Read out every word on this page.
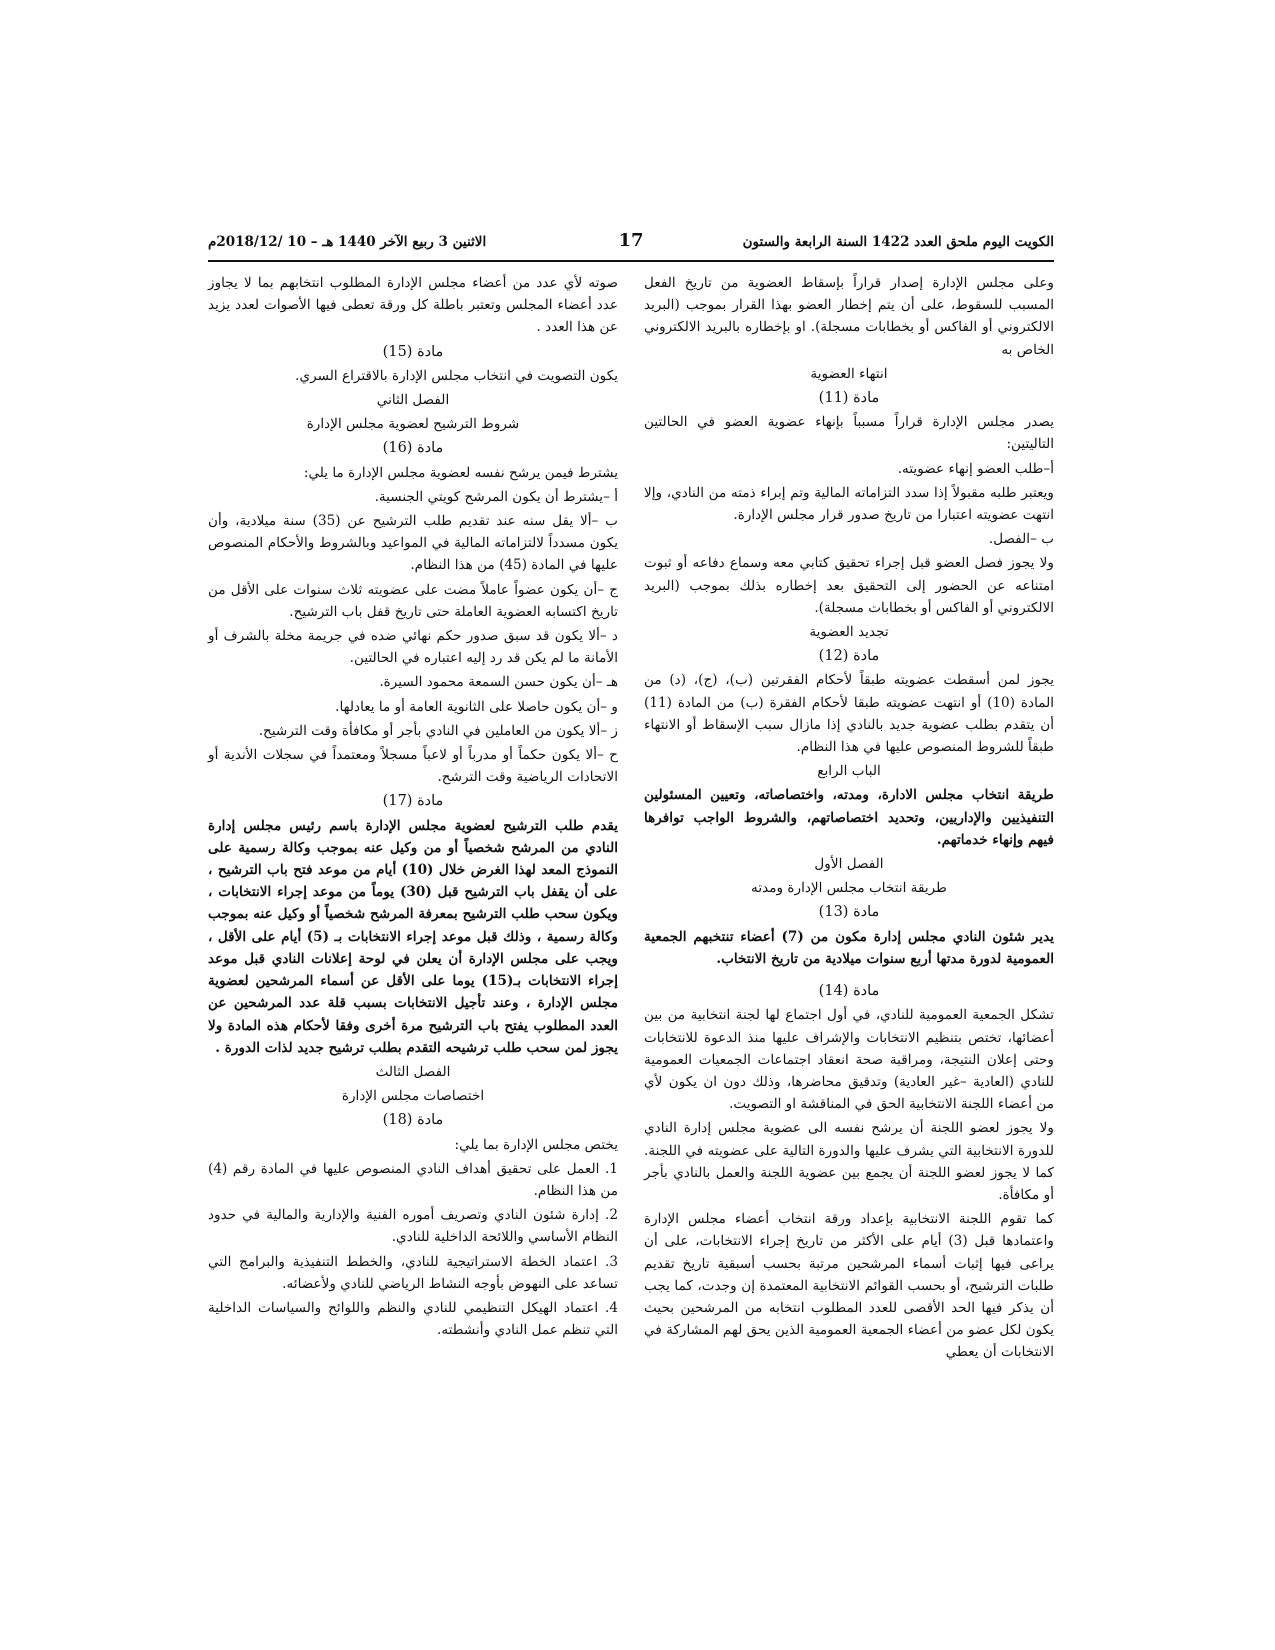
الكويت اليوم ملحق العدد 1422 السنة الرابعة والستون
17
الاثنين 3 ربيع الآخر 1440 هـ – 10 /2018/12م

وعلى مجلس الإدارة إصدار قراراً بإسقاط العضوية من تاريخ الفعل المسبب للسقوط، على أن يتم إخطار العضو بهذا القرار بموجب (البريد الالكتروني أو الفاكس أو بخطابات مسجلة). او بإخطاره بالبريد الالكتروني الخاص به

انتهاء العضوية

مادة (11)

يصدر مجلس الإدارة قراراً مسبباً بإنهاء عضوية العضو في الحالتين التاليتين:

أ–طلب العضو إنهاء عضويته.

ويعتبر طلبه مقبولاً إذا سدد التزاماته المالية وتم إبراء ذمته من النادي، وإلا انتهت عضويته اعتبارا من تاريخ صدور قرار مجلس الإدارة.

ب –الفصل.

ولا يجوز فصل العضو قبل إجراء تحقيق كتابي معه وسماع دفاعه أو ثبوت امتناعه عن الحضور إلى التحقيق بعد إخطاره بذلك بموجب (البريد الالكتروني أو الفاكس أو بخطابات مسجلة).

تجديد العضوية

مادة (12)

يجوز لمن أسقطت عضويته طبقاً لأحكام الفقرتين (ب)، (ج)، (د) من المادة (10) أو انتهت عضويته طبقا لأحكام الفقرة (ب) من المادة (11) أن يتقدم بطلب عضوية جديد بالنادي إذا مازال سبب الإسقاط أو الانتهاء طبقاً للشروط المنصوص عليها في هذا النظام.

الباب الرابع

طريقة انتخاب مجلس الادارة، ومدته، واختصاصاته، وتعيين المسئولين التنفيذيين والإداريين، وتحديد اختصاصاتهم، والشروط الواجب توافرها فيهم وإنهاء خدماتهم.

الفصل الأول

طريقة انتخاب مجلس الإدارة ومدته

مادة (13)

يدير شئون النادي مجلس إدارة مكون من (7) أعضاء تنتخبهم الجمعية العمومية لدورة مدتها أربع سنوات ميلادية من تاريخ الانتخاب.

مادة (14)

تشكل الجمعية العمومية للنادي، في أول اجتماع لها لجنة انتخابية من بين أعضائها، تختص بتنظيم الانتخابات والإشراف عليها منذ الدعوة للانتخابات وحتى إعلان النتيجة، ومراقبة صحة انعقاد اجتماعات الجمعيات العمومية للنادي (العادية –غير العادية) وتدقيق محاضرها، وذلك دون ان يكون لأي من أعضاء اللجنة الانتخابية الحق في المناقشة او التصويت.

ولا يجوز لعضو اللجنة أن يرشح نفسه الى عضوية مجلس إدارة النادي للدورة الانتخابية التي يشرف عليها والدورة التالية على عضويته في اللجنة. كما لا يجوز لعضو اللجنة أن يجمع بين عضوية اللجنة والعمل بالنادي بأجر أو مكافأة.

كما تقوم اللجنة الانتخابية بإعداد ورقة انتخاب أعضاء مجلس الإدارة واعتمادها قبل (3) أيام على الأكثر من تاريخ إجراء الانتخابات، على أن يراعى فيها إثبات أسماء المرشحين مرتبة بحسب أسبقية تاريخ تقديم طلبات الترشيح، أو بحسب القوائم الانتخابية المعتمدة إن وجدت، كما يجب أن يذكر فيها الحد الأقصى للعدد المطلوب انتخابه من المرشحين بحيث يكون لكل عضو من أعضاء الجمعية العمومية الذين يحق لهم المشاركة في الانتخابات أن يعطي

صوته لأي عدد من أعضاء مجلس الإدارة المطلوب انتخابهم بما لا يجاوز عدد أعضاء المجلس وتعتبر باطلة كل ورقة تعطى فيها الأصوات لعدد يزيد عن هذا العدد .

مادة (15)

يكون التصويت في انتخاب مجلس الإدارة بالاقتراع السري.

الفصل الثاني

شروط الترشيح لعضوية مجلس الإدارة

مادة (16)

يشترط فيمن يرشح نفسه لعضوية مجلس الإدارة ما يلي:

أ –يشترط أن يكون المرشح كويتي الجنسية.

ب –ألا يقل سنه عند تقديم طلب الترشيح عن (35) سنة ميلادية، وأن يكون مسدداً لالتزاماته المالية في المواعيد وبالشروط والأحكام المنصوص عليها في المادة (45) من هذا النظام.

ج –أن يكون عضواً عاملاً مضت على عضويته ثلاث سنوات على الأقل من تاريخ اكتسابه العضوية العاملة حتى تاريخ قفل باب الترشيح.

د –ألا يكون قد سبق صدور حكم نهائي ضده في جريمة مخلة بالشرف أو الأمانة ما لم يكن قد رد إليه اعتباره في الحالتين.

هـ –أن يكون حسن السمعة محمود السيرة.

و –أن يكون حاصلا على الثانوية العامة أو ما يعادلها.

ز –ألا يكون من العاملين في النادي بأجر أو مكافأة وقت الترشيح.

ح –ألا يكون حكماً أو مدرباً أو لاعباً مسجلاً ومعتمداً في سجلات الأندية أو الاتحادات الرياضية وقت الترشح.

مادة (17)

يقدم طلب الترشيح لعضوية مجلس الإدارة باسم رئيس مجلس إدارة النادي من المرشح شخصياً أو من وكيل عنه بموجب وكالة رسمية على النموذج المعد لهذا الغرض خلال (10) أيام من موعد فتح باب الترشيح ، على أن يقفل باب الترشيح قبل (30) يوماً من موعد إجراء الانتخابات ، ويكون سحب طلب الترشيح بمعرفة المرشح شخصياً أو وكيل عنه بموجب وكالة رسمية ، وذلك قبل موعد إجراء الانتخابات بـ (5) أيام على الأقل ، ويجب على مجلس الإدارة أن يعلن في لوحة إعلانات النادي قبل موعد إجراء الانتخابات بـ(15) يوما على الأقل عن أسماء المرشحين لعضوية مجلس الإدارة ، وعند تأجيل الانتخابات بسبب قلة عدد المرشحين عن العدد المطلوب يفتح باب الترشيح مرة أخرى وفقا لأحكام هذه المادة ولا يجوز لمن سحب طلب ترشيحه التقدم بطلب ترشيح جديد لذات الدورة .

الفصل الثالث

اختصاصات مجلس الإدارة

مادة (18)

يختص مجلس الإدارة بما يلي:

1. العمل على تحقيق أهداف النادي المنصوص عليها في المادة رقم (4) من هذا النظام.

2. إدارة شئون النادي وتصريف أموره الفنية والإدارية والمالية في حدود النظام الأساسي واللائحة الداخلية للنادي.

3. اعتماد الخطة الاستراتيجية للنادي، والخطط التنفيذية والبرامج التي تساعد على النهوض بأوجه النشاط الرياضي للنادي ولأعضائه.

4. اعتماد الهيكل التنظيمي للنادي والنظم واللوائح والسياسات الداخلية التي تنظم عمل النادي وأنشطته.
